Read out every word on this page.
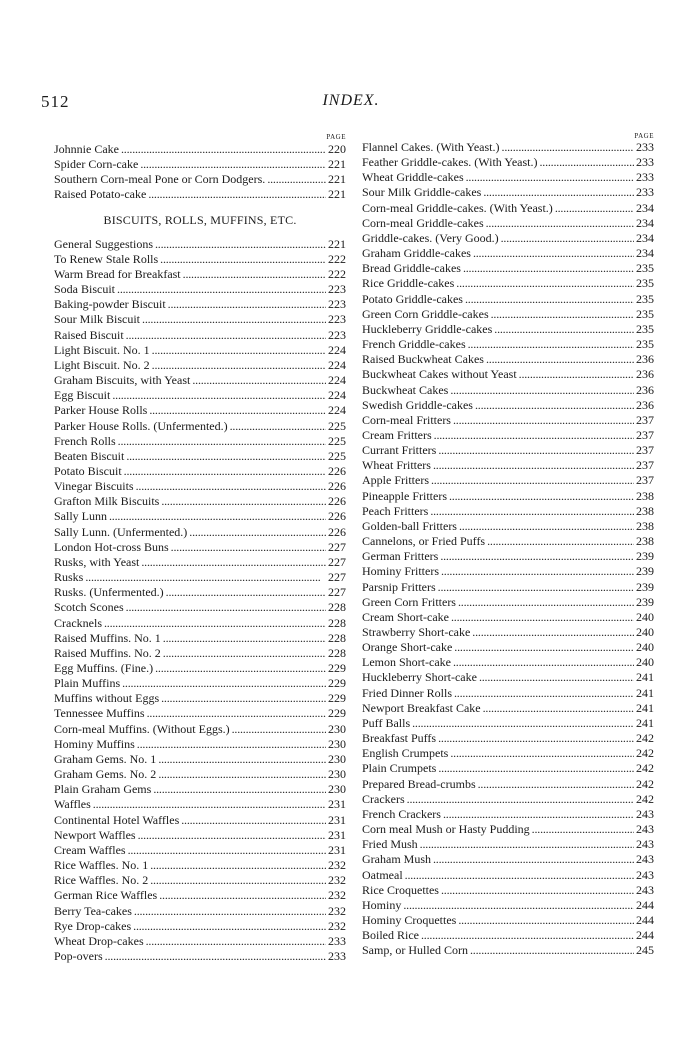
512	INDEX.
PAGE
Johnnie Cake . . .	220
Spider Corn-cake . . .	221
Southern Corn-meal Pone or Corn Dodgers. . . .	221
Raised Potato-cake . . .	221
BISCUITS, ROLLS, MUFFINS, ETC.
General Suggestions . . .	221
To Renew Stale Rolls . . .	222
Warm Bread for Breakfast . . .	222
Soda Biscuit . . .	223
Baking-powder Biscuit . . .	223
Sour Milk Biscuit . . .	223
Raised Biscuit . . .	223
Light Biscuit. No. 1 . . .	224
Light Biscuit. No. 2 . . .	224
Graham Biscuits, with Yeast . . .	224
Egg Biscuit . . .	224
Parker House Rolls . . .	224
Parker House Rolls. (Unfermented.) . . .	225
French Rolls . . .	225
Beaten Biscuit . . .	225
Potato Biscuit . . .	226
Vinegar Biscuits . . .	226
Grafton Milk Biscuits . . .	226
Sally Lunn . . .	226
Sally Lunn. (Unfermented.) . . .	226
London Hot-cross Buns . . .	227
Rusks, with Yeast . . .	227
Rusks . . .	227
Rusks. (Unfermented.) . . .	227
Scotch Scones . . .	228
Cracknels . . .	228
Raised Muffins. No. 1 . . .	228
Raised Muffins. No. 2 . . .	228
Egg Muffins. (Fine.) . . .	229
Plain Muffins . . .	229
Muffins without Eggs . . .	229
Tennessee Muffins . . .	229
Corn-meal Muffins. (Without Eggs.) . . .	230
Hominy Muffins . . .	230
Graham Gems. No. 1 . . .	230
Graham Gems. No. 2 . . .	230
Plain Graham Gems . . .	230
Waffles . . .	231
Continental Hotel Waffles . . .	231
Newport Waffles . . .	231
Cream Waffles . . .	231
Rice Waffles. No. 1 . . .	232
Rice Waffles. No. 2 . . .	232
German Rice Waffles . . .	232
Berry Tea-cakes . . .	232
Rye Drop-cakes . . .	232
Wheat Drop-cakes . . .	233
Pop-overs . . .	233
PAGE
Flannel Cakes. (With Yeast.) . . .	233
Feather Griddle-cakes. (With Yeast.) . . .	233
Wheat Griddle-cakes . . .	233
Sour Milk Griddle-cakes . . .	233
Corn-meal Griddle-cakes. (With Yeast.) . . .	234
Corn-meal Griddle-cakes . . .	234
Griddle-cakes. (Very Good.) . . .	234
Graham Griddle-cakes . . .	234
Bread Griddle-cakes . . .	235
Rice Griddle-cakes . . .	235
Potato Griddle-cakes . . .	235
Green Corn Griddle-cakes . . .	235
Huckleberry Griddle-cakes . . .	235
French Griddle-cakes . . .	235
Raised Buckwheat Cakes . . .	236
Buckwheat Cakes without Yeast . . .	236
Buckwheat Cakes . . .	236
Swedish Griddle-cakes . . .	236
Corn-meal Fritters . . .	237
Cream Fritters . . .	237
Currant Fritters . . .	237
Wheat Fritters . . .	237
Apple Fritters . . .	237
Pineapple Fritters . . .	238
Peach Fritters . . .	238
Golden-ball Fritters . . .	238
Cannelons, or Fried Puffs . . .	238
German Fritters . . .	239
Hominy Fritters . . .	239
Parsnip Fritters . . .	239
Green Corn Fritters . . .	239
Cream Short-cake . . .	240
Strawberry Short-cake . . .	240
Orange Short-cake . . .	240
Lemon Short-cake . . .	240
Huckleberry Short-cake . . .	241
Fried Dinner Rolls . . .	241
Newport Breakfast Cake . . .	241
Puff Balls . . .	241
Breakfast Puffs . . .	242
English Crumpets . . .	242
Plain Crumpets . . .	242
Prepared Bread-crumbs . . .	242
Crackers . . .	242
French Crackers . . .	243
Corn meal Mush or Hasty Pudding . . .	243
Fried Mush . . .	243
Graham Mush . . .	243
Oatmeal . . .	243
Rice Croquettes . . .	243
Hominy . . .	244
Hominy Croquettes . . .	244
Boiled Rice . . .	244
Samp, or Hulled Corn . . .	245
